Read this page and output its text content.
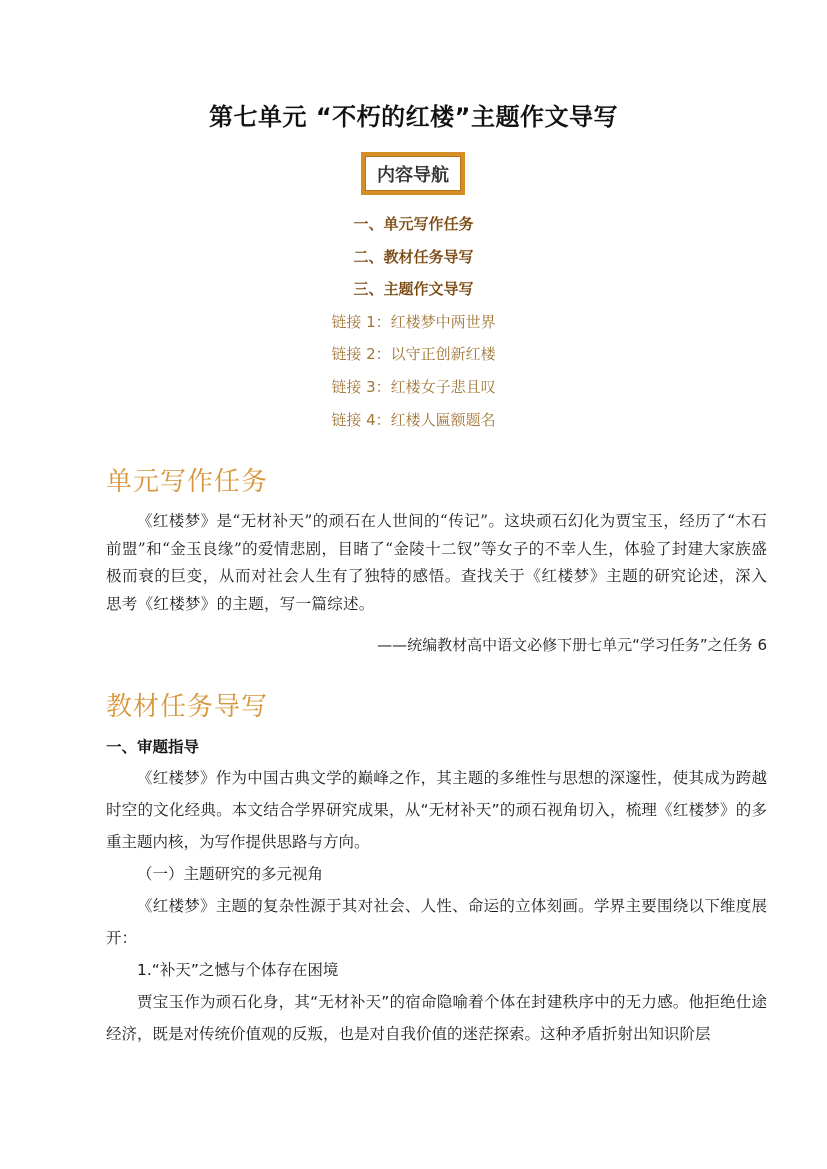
第七单元 “不朽的红楼”主题作文导写
内容导航
一、单元写作任务
二、教材任务导写
三、主题作文导写
链接 1：红楼梦中两世界
链接 2：以守正创新红楼
链接 3：红楼女子悲且叹
链接 4：红楼人匾额题名
单元写作任务

《红楼梦》是“无材补天”的顽石在人世间的“传记”。这块顽石幻化为贾宝玉，经历了“木石前盟”和“金玉良缘”的爱情悲剧，目睹了“金陵十二钗”等女子的不幸人生，体验了封建大家族盛极而衰的巨变，从而对社会人生有了独特的感悟。查找关于《红楼梦》主题的研究论述，深入思考《红楼梦》的主题，写一篇综述。

——统编教材高中语文必修下册七单元“学习任务”之任务 6
教材任务导写
一、审题指导

《红楼梦》作为中国古典文学的巅峰之作，其主题的多维性与思想的深邃性，使其成为跨越时空的文化经典。本文结合学界研究成果，从“无材补天”的顽石视角切入，梳理《红楼梦》的多重主题内核，为写作提供思路与方向。

（一）主题研究的多元视角

《红楼梦》主题的复杂性源于其对社会、人性、命运的立体刻画。学界主要围绕以下维度展开：

1.“补天”之憾与个体存在困境

贾宝玉作为顽石化身，其“无材补天”的宿命隐喻着个体在封建秩序中的无力感。他拒绝仕途经济，既是对传统价值观的反叛，也是对自我价值的迷茫探索。这种矛盾折射出知识阶层
